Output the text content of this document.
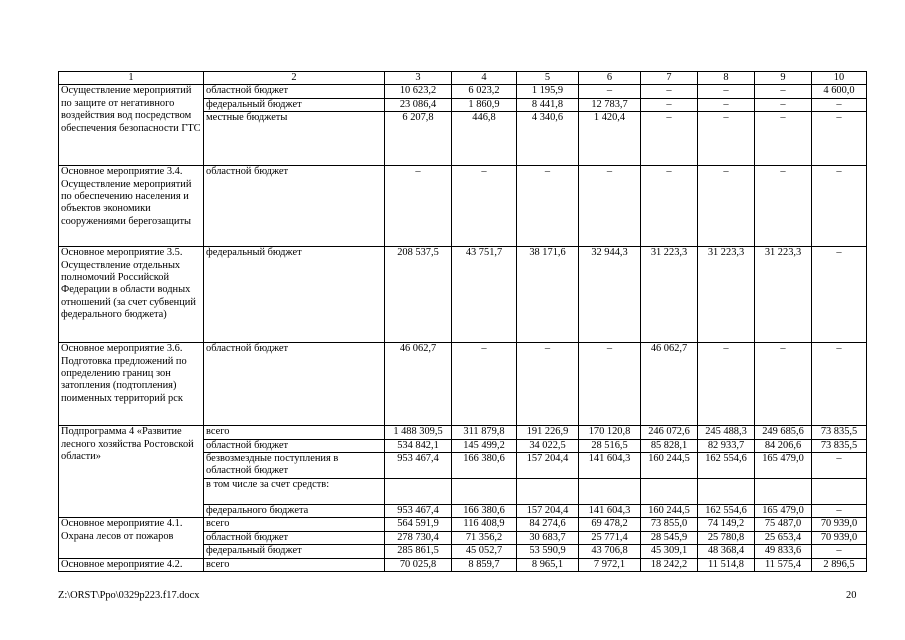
1	2	3	4	5	6	7	8	9	10
Осуществление мероприятий по защите от негативного воздействия вод посредством обеспечения безопасности ГТС	областной бюджет	10 623,2	6 023,2	1 195,9	–	–	–	–	4 600,0
	федеральный бюджет	23 086,4	1 860,9	8 441,8	12 783,7	–	–	–	–
	местные бюджеты	6 207,8	446,8	4 340,6	1 420,4	–	–	–	–
Основное мероприятие 3.4. Осуществление мероприятий по обеспечению населения и объектов экономики сооружениями берегозащиты	областной бюджет	–	–	–	–	–	–	–	–
Основное мероприятие 3.5. Осуществление отдельных полномочий Российской Федерации в области водных отношений (за счет субвенций федерального бюджета)	федеральный бюджет	208 537,5	43 751,7	38 171,6	32 944,3	31 223,3	31 223,3	31 223,3	–
Основное мероприятие 3.6. Подготовка предложений по определению границ зон затопления (подтопления) поименных территорий рск	областной бюджет	46 062,7	–	–	–	46 062,7	–	–	–
Подпрограмма 4 «Развитие лесного хозяйства Ростовской области»	всего	1 488 309,5	311 879,8	191 226,9	170 120,8	246 072,6	245 488,3	249 685,6	73 835,5
	областной бюджет	534 842,1	145 499,2	34 022,5	28 516,5	85 828,1	82 933,7	84 206,6	73 835,5
	безвозмездные поступления в областной бюджет	953 467,4	166 380,6	157 204,4	141 604,3	160 244,5	162 554,6	165 479,0	–
	в том числе за счет средств:								
	федерального бюджета	953 467,4	166 380,6	157 204,4	141 604,3	160 244,5	162 554,6	165 479,0	–
Основное мероприятие 4.1. Охрана лесов от пожаров	всего	564 591,9	116 408,9	84 274,6	69 478,2	73 855,0	74 149,2	75 487,0	70 939,0
	областной бюджет	278 730,4	71 356,2	30 683,7	25 771,4	28 545,9	25 780,8	25 653,4	70 939,0
	федеральный бюджет	285 861,5	45 052,7	53 590,9	43 706,8	45 309,1	48 368,4	49 833,6	–
Основное мероприятие 4.2.	всего	70 025,8	8 859,7	8 965,1	7 972,1	18 242,2	11 514,8	11 575,4	2 896,5
Z:\ORST\Ppo\0329p223.f17.docx	20
